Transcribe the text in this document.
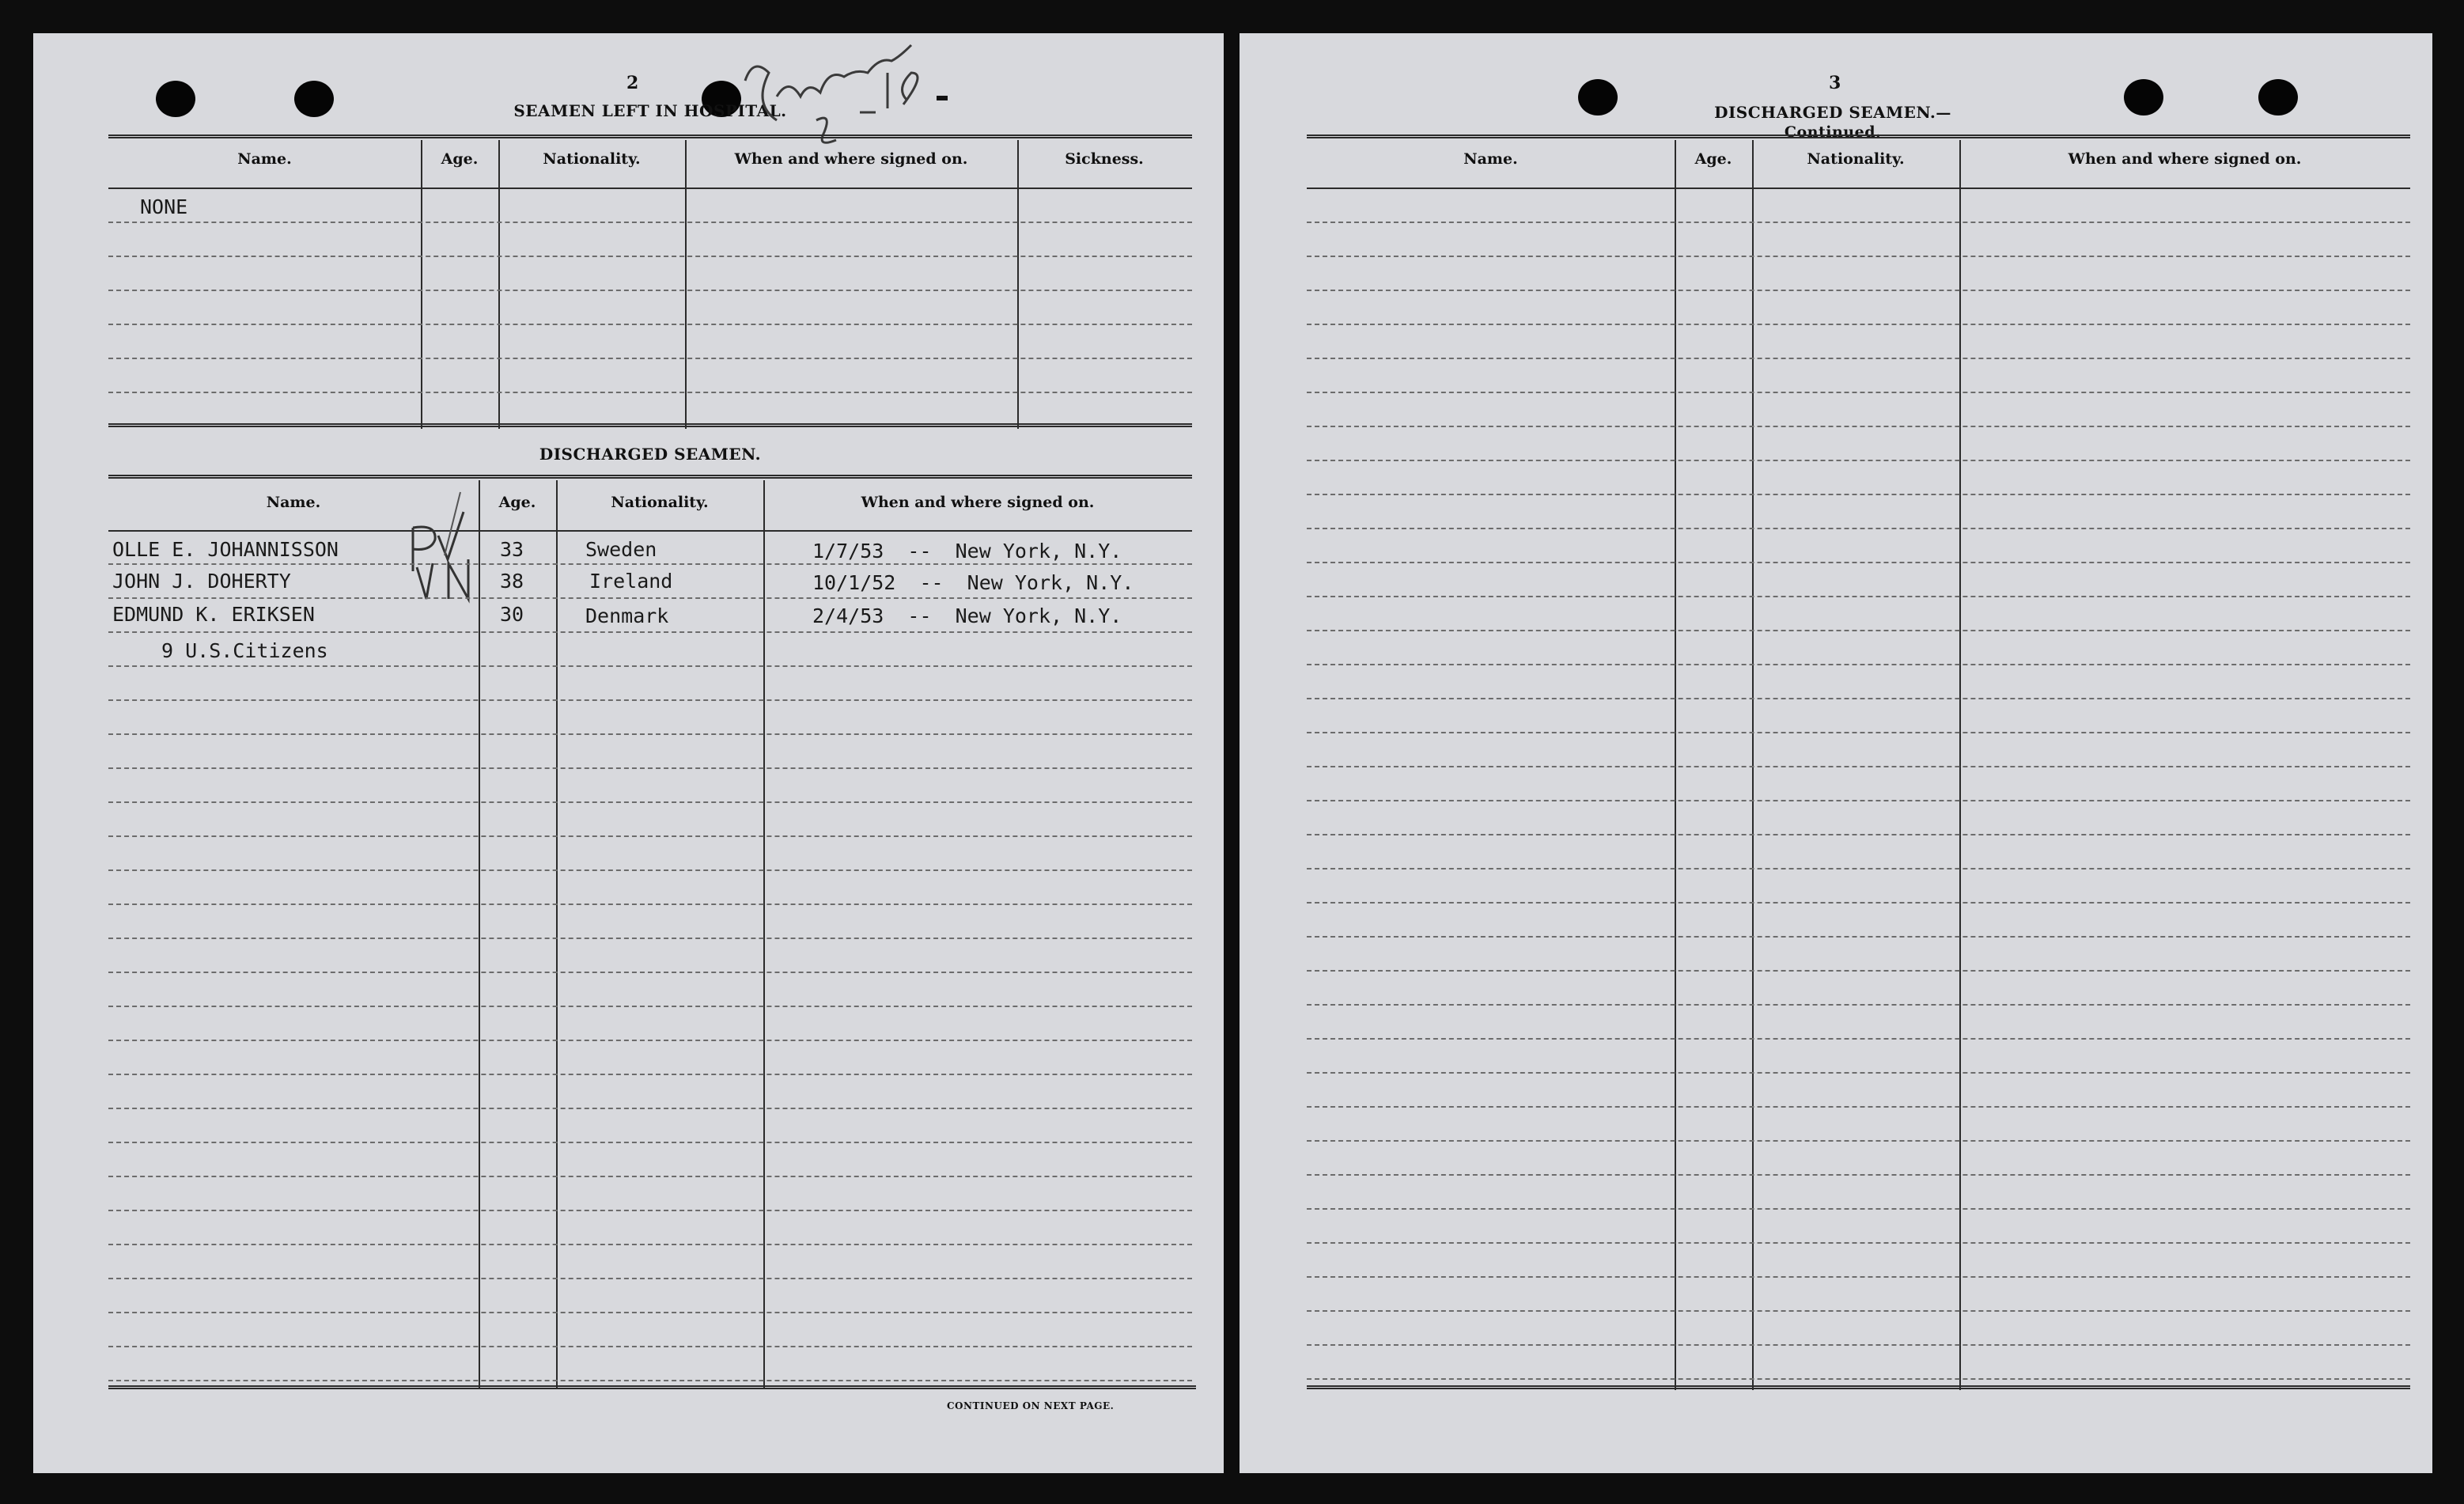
2
SEAMEN LEFT IN HOSPITAL.
Name.	Age.	Nationality.	When and where signed on.	Sickness.
NONE
DISCHARGED SEAMEN.
Name.	Age.	Nationality.	When and where signed on.
OLLE E. JOHANNISSON	33	Sweden	1/7/53  --  New York, N.Y.
JOHN J. DOHERTY	38	Ireland	10/1/52  --  New York, N.Y.
EDMUND K. ERIKSEN	30	Denmark	2/4/53  --  New York, N.Y.
9 U.S.Citizens
CONTINUED ON NEXT PAGE.
3
DISCHARGED SEAMEN.—Continued.
Name.	Age.	Nationality.	When and where signed on.
